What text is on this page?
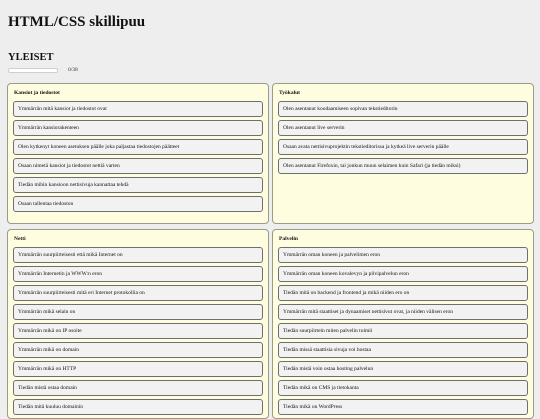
HTML/CSS skillipuu
YLEISET
0/38
Kansiot ja tiedostot
Ymmärrän mitä kansiot ja tiedostot ovat
Ymmärrän kansiorakenteen
Olen kytkenyt koneen asetuksen päälle joka paljastaa tiedostojen päätteet
Osaan nimetä kansiot ja tiedostot nettiä varten
Tiedän mihin kansioon nettisivuja kannattaa tehdä
Osaan tallentaa tiedoston
Työkalut
Olen asentanut koodaamiseen sopivan tekstieditorin
Olen asentanut live serverin
Osaan avata nettisivuprojektin tekstieditorissa ja kytkeä live serverin päälle
Olen asentanut Firefoxin, tai jonkun muun selaimen kuin Safari (ja tiedän miksi)
Netti
Ymmärrän suurpiirteisesti että mikä Internet on
Ymmärrän Internetin ja WWW:n eron
Ymmärrän suurpiirteisesti mitä eri Internet protokollia on
Ymmärrän mikä selain on
Ymmärrän mikä on IP osoite
Ymmärrän mikä on domain
Ymmärrän mikä on HTTP
Tiedän mistä ostaa domain
Tiedän mitä kuuluu domainin
Palvelin
Ymmärrän oman koneen ja palvelimen eron
Ymmärrän oman koneen kovalevyn ja pilvipalvelun eron
Tiedän mitä on backend ja frontend ja mikä niiden ero on
Ymmärrän mitä staattiset ja dynaamiset nettisivut ovat, ja niiden välisen eron
Tiedän suurpiirtein miten palvelin toimii
Tiedän missä staattisia sivuja voi hostaa
Tiedän mistä voin ostaa hosting palvelun
Tiedän mikä on CMS ja tietokanta
Tiedän mikä on WordPress
